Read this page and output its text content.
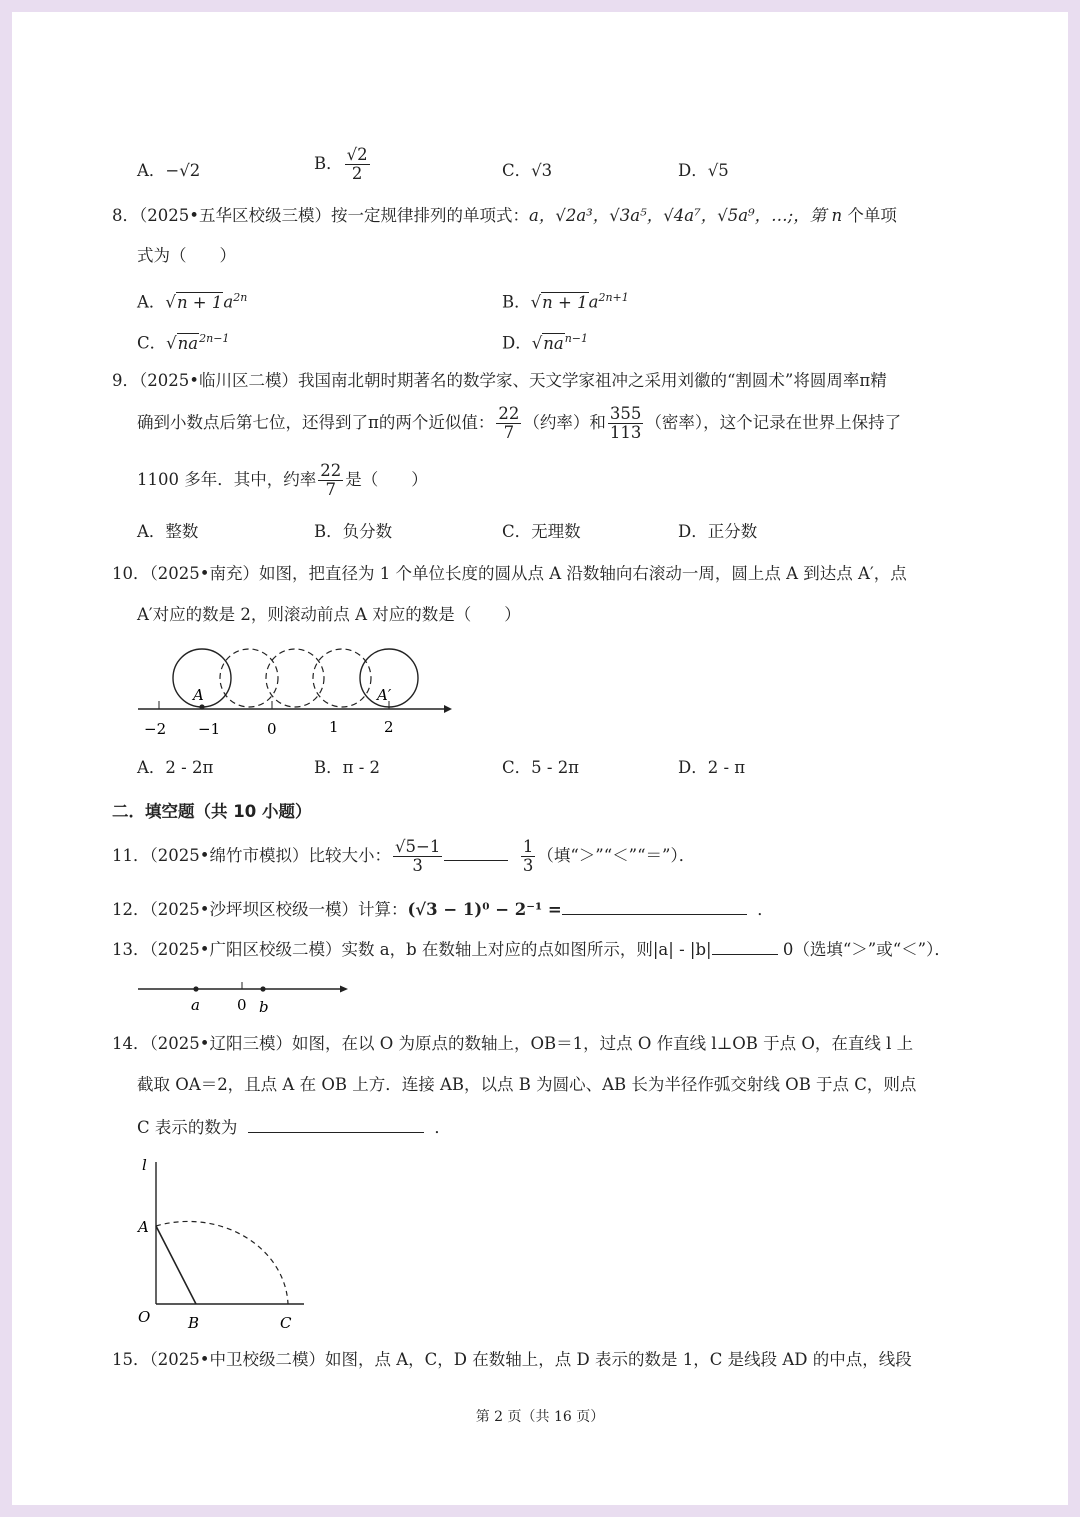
A．−√2	B． $\frac{√2}{2}$	C．√3	D．√5
8．（2025•五华区校级三模）按一定规律排列的单项式：a，√2a³，√3a⁵，√4a⁷，√5a⁹，…;，第 n 个单项
式为（　　）
A．$√n + 1a^{2n}$	B．$√n + 1a^{2n+1}$
C．$√na^{2n-1}$	D．$√na^{n-1}$
9．（2025•临川区二模）我国南北朝时期著名的数学家、天文学家祖冲之采用刘徽的“割圆术”将圆周率π精
确到小数点后第七位，还得到了π的两个近似值： $\frac{22}{7}$ （约率）和 $\frac{355}{113}$ （密率），这个记录在世界上保持了
1100 多年．其中，约率 $\frac{22}{7}$ 是（　　）
A．整数	B．负分数	C．无理数	D．正分数
10．（2025•南充）如图，把直径为 1 个单位长度的圆从点 A 沿数轴向右滚动一周，圆上点 A 到达点 A′，点
A′对应的数是 2，则滚动前点 A 对应的数是（　　）
A	A′
−2 −1	0	1	2
A．2 - 2π	B．π - 2	C．5 - 2π	D．2 - π
二．填空题（共 10 小题）
11．（2025•绵竹市模拟）比较大小： $\frac{√5-1}{3}$
	$\frac{1}{3}$ （填“＞”“＜”“＝”）．
12．（2025•沙坪坝区校级一模）计算：(√3 − 1)⁰ − 2⁻¹ =	．
13．（2025•广阳区校级二模）实数 a，b 在数轴上对应的点如图所示，则|a| - |b|	0（选填“＞”或“＜”）．
a 0 b
14．（2025•辽阳三模）如图，在以 O 为原点的数轴上，OB＝1，过点 O 作直线 l⊥OB 于点 O，在直线 l 上
截取 OA＝2，且点 A 在 OB 上方．连接 AB，以点 B 为圆心、AB 长为半径作弧交射线 OB 于点 C，则点
C 表示的数为	．
l
A
O	B	C
15．（2025•中卫校级二模）如图，点 A，C，D 在数轴上，点 D 表示的数是 1，C 是线段 AD 的中点，线段
第 2 页（共 16 页）
